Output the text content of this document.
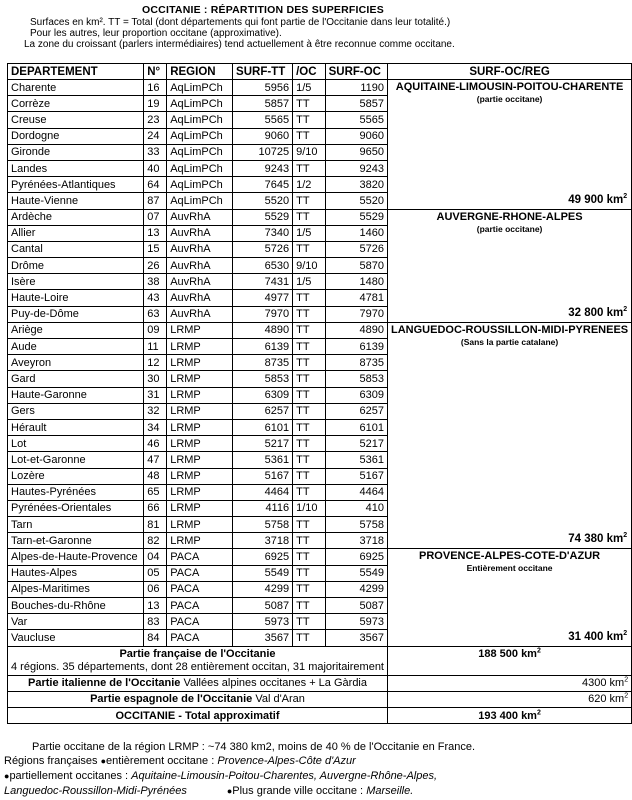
OCCITANIE : RÉPARTITION DES SUPERFICIES
Surfaces en km². TT = Total (dont départements qui font partie de l'Occitanie dans leur totalité.)
Pour les autres, leur proportion occitane (approximative).
La zone du croissant (parlers intermédiaires) tend actuellement à être reconnue comme occitane.
DEPARTEMENT	N°	REGION	SURF-TT	/OC	SURF-OC	SURF-OC/REG
Charente	16	AqLimPCh	5956	1/5	1190	AQUITAINE-LIMOUSIN-POITOU-CHARENTE
(partie occitane)
49 900 $km^2$

Corrèze	19	AqLimPCh	5857	TT	5857	
Creuse	23	AqLimPCh	5565	TT	5565	
Dordogne	24	AqLimPCh	9060	TT	9060	
Gironde	33	AqLimPCh	10725	9/10	9650	
Landes	40	AqLimPCh	9243	TT	9243	
Pyrénées-Atlantiques	64	AqLimPCh	7645	1/2	3820	
Haute-Vienne	87	AqLimPCh	5520	TT	5520	
Ardèche	07	AuvRhA	5529	TT	5529	AUVERGNE-RHONE-ALPES
(partie occitane)
32 800 $km^2$

Allier	13	AuvRhA	7340	1/5	1460	
Cantal	15	AuvRhA	5726	TT	5726	
Drôme	26	AuvRhA	6530	9/10	5870	
Isère	38	AuvRhA	7431	1/5	1480	
Haute-Loire	43	AuvRhA	4977	TT	4781	
Puy-de-Dôme	63	AuvRhA	7970	TT	7970	
Ariège	09	LRMP	4890	TT	4890	LANGUEDOC-ROUSSILLON-MIDI-PYRENEES
(Sans la partie catalane)
74 380 $km^2$

Aude	11	LRMP	6139	TT	6139	
Aveyron	12	LRMP	8735	TT	8735	
Gard	30	LRMP	5853	TT	5853	
Haute-Garonne	31	LRMP	6309	TT	6309	
Gers	32	LRMP	6257	TT	6257	
Hérault	34	LRMP	6101	TT	6101	
Lot	46	LRMP	5217	TT	5217	
Lot-et-Garonne	47	LRMP	5361	TT	5361	
Lozère	48	LRMP	5167	TT	5167	
Hautes-Pyrénées	65	LRMP	4464	TT	4464	
Pyrénées-Orientales	66	LRMP	4116	1/10	410	
Tarn	81	LRMP	5758	TT	5758	
Tarn-et-Garonne	82	LRMP	3718	TT	3718	
Alpes-de-Haute-Provence	04	PACA	6925	TT	6925	PROVENCE-ALPES-COTE-D'AZUR
Entièrement occitane
31 400 $km^2$

Hautes-Alpes	05	PACA	5549	TT	5549	
Alpes-Maritimes	06	PACA	4299	TT	4299	
Bouches-du-Rhône	13	PACA	5087	TT	5087	
Var	83	PACA	5973	TT	5973	
Vaucluse	84	PACA	3567	TT	3567	
Partie française de l'Occitanie
4 régions. 35 départements, dont 28 entièrement occitan, 31 majoritairement						188 500 $km^2$
Partie italienne de l'Occitanie Vallées alpines occitanes + La Gàrdia						4300 $km^2$
Partie espagnole de l'Occitanie Val d'Aran						620 $km^2$
OCCITANIE - Total approximatif						193 400 $km^2$
Partie occitane de la région LRMP : ~74 380 km2, moins de 40 % de l'Occitanie en France.
Régions françaises ●entièrement occitane : Provence-Alpes-Côte d'Azur
●partiellement occitanes : Aquitaine-Limousin-Poitou-Charentes, Auvergne-Rhône-Alpes,
Languedoc-Roussillon-Midi-Pyrénées	●Plus grande ville occitane : Marseille.
